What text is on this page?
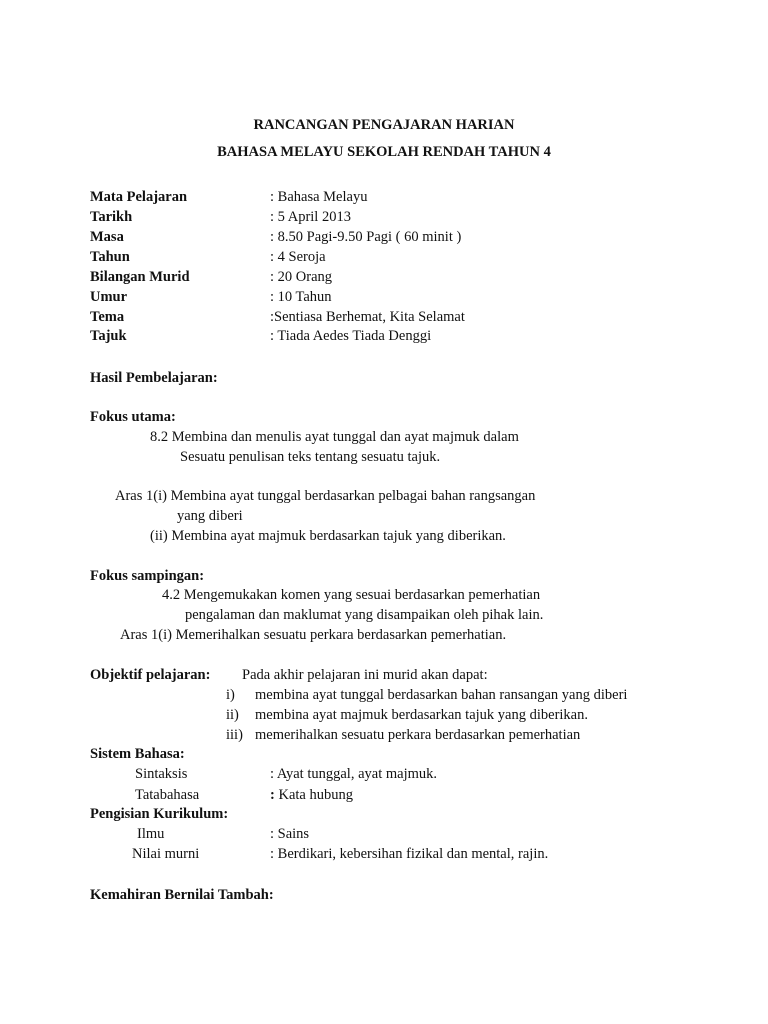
RANCANGAN PENGAJARAN HARIAN
BAHASA MELAYU SEKOLAH RENDAH TAHUN 4
Mata Pelajaran	: Bahasa Melayu
Tarikh	: 5 April 2013
Masa	: 8.50 Pagi-9.50 Pagi ( 60 minit )
Tahun	: 4 Seroja
Bilangan Murid	: 20 Orang
Umur	: 10 Tahun
Tema	:Sentiasa Berhemat, Kita Selamat
Tajuk	: Tiada Aedes Tiada Denggi
Hasil Pembelajaran:
Fokus utama:
8.2 Membina dan menulis ayat tunggal dan ayat majmuk dalam
Sesuatu penulisan teks tentang sesuatu tajuk.
Aras 1(i) Membina ayat tunggal berdasarkan pelbagai bahan rangsangan
yang diberi
(ii) Membina ayat majmuk berdasarkan tajuk yang diberikan.
Fokus sampingan:
4.2 Mengemukakan komen yang sesuai berdasarkan pemerhatian
pengalaman dan maklumat yang disampaikan oleh pihak lain.
Aras 1(i) Memerihalkan sesuatu perkara berdasarkan pemerhatian.
Objektif pelajaran: Pada akhir pelajaran ini murid akan dapat:
i) membina ayat tunggal berdasarkan bahan ransangan yang diberi
ii) membina ayat majmuk berdasarkan tajuk yang diberikan.
iii) memerihalkan sesuatu perkara berdasarkan pemerhatian
Sistem Bahasa:
Sintaksis	: Ayat tunggal, ayat majmuk.
Tatabahasa	: Kata hubung
Pengisian Kurikulum:
Ilmu	: Sains
Nilai murni	: Berdikari, kebersihan fizikal dan mental, rajin.
Kemahiran Bernilai Tambah:
